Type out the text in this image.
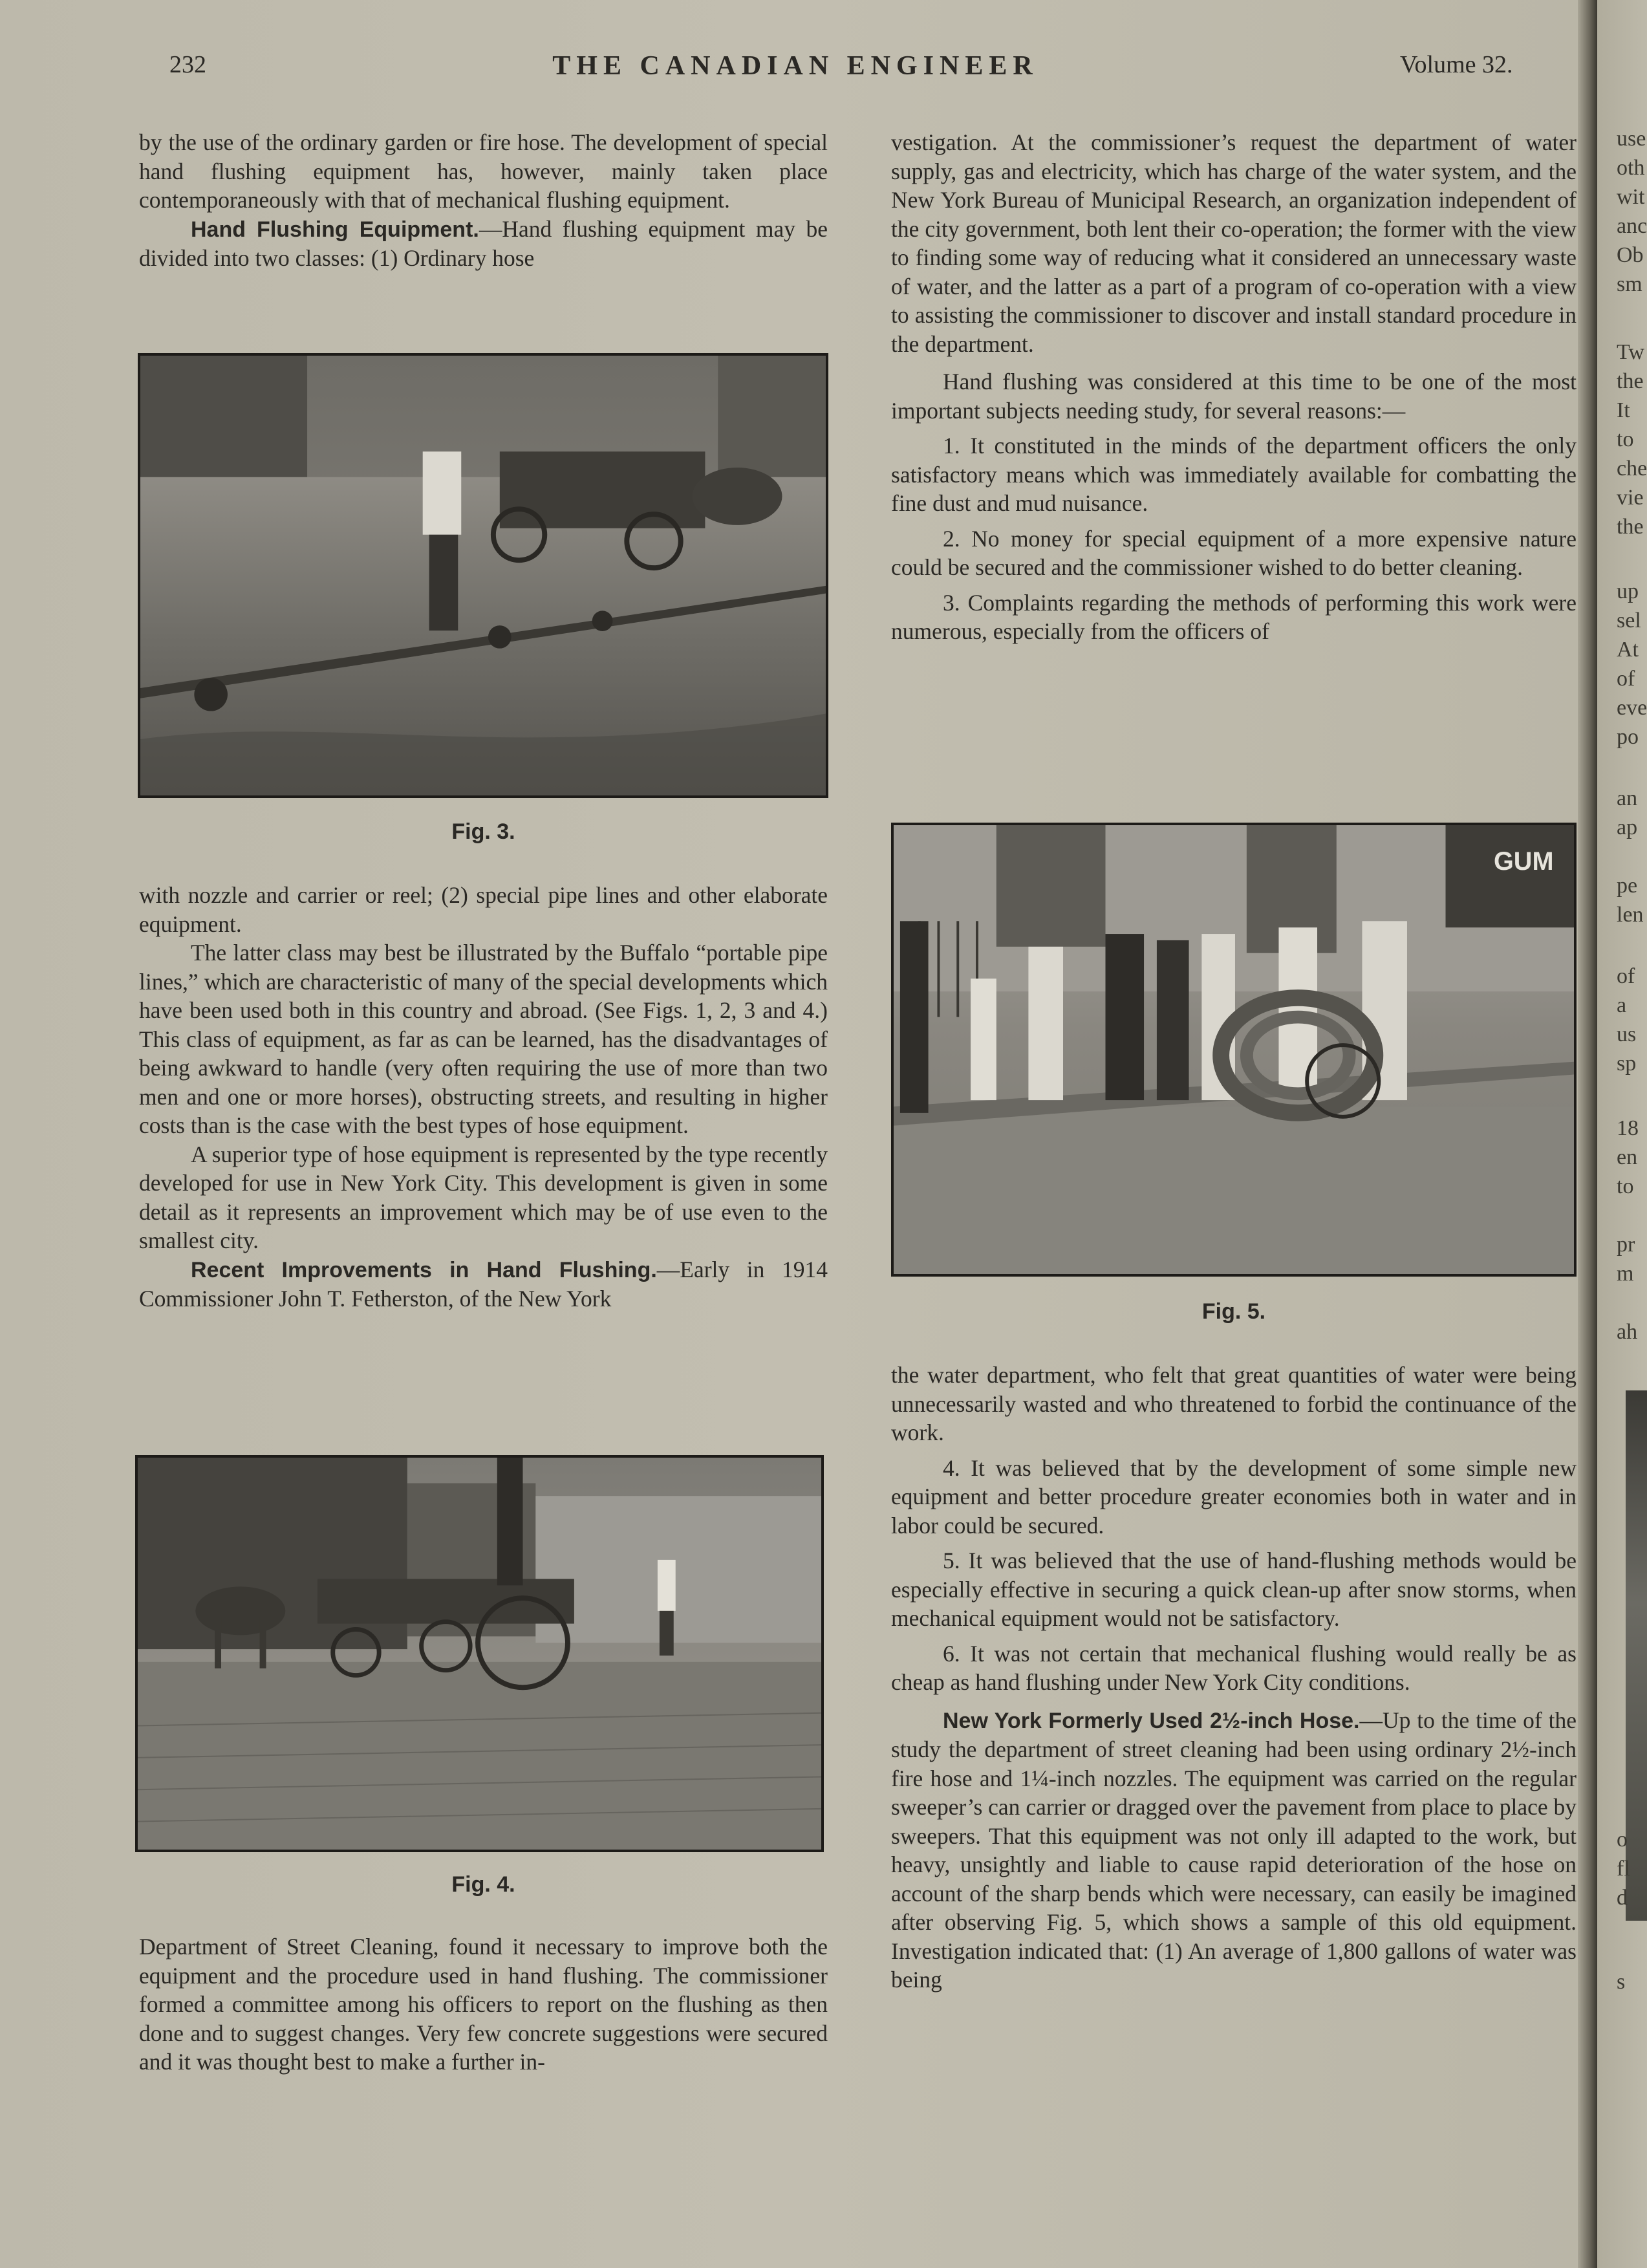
232	THE CANADIAN ENGINEER	Volume 32.

by the use of the ordinary garden or fire hose. The development of special hand flushing equipment has, however, mainly taken place contemporaneously with that of mechanical flushing equipment.

Hand Flushing Equipment.—Hand flushing equipment may be divided into two classes: (1) Ordinary hose

Fig. 3.

with nozzle and carrier or reel; (2) special pipe lines and other elaborate equipment.

The latter class may best be illustrated by the Buffalo “portable pipe lines,” which are characteristic of many of the special developments which have been used both in this country and abroad. (See Figs. 1, 2, 3 and 4.) This class of equipment, as far as can be learned, has the disadvantages of being awkward to handle (very often requiring the use of more than two men and one or more horses), obstructing streets, and resulting in higher costs than is the case with the best types of hose equipment.

A superior type of hose equipment is represented by the type recently developed for use in New York City. This development is given in some detail as it represents an improvement which may be of use even to the smallest city.

Recent Improvements in Hand Flushing.—Early in 1914 Commissioner John T. Fetherston, of the New York

Fig. 4.

Department of Street Cleaning, found it necessary to improve both the equipment and the procedure used in hand flushing. The commissioner formed a committee among his officers to report on the flushing as then done and to suggest changes. Very few concrete suggestions were secured and it was thought best to make a further in-

vestigation. At the commissioner’s request the department of water supply, gas and electricity, which has charge of the water system, and the New York Bureau of Municipal Research, an organization independent of the city government, both lent their co-operation; the former with the view to finding some way of reducing what it considered an unnecessary waste of water, and the latter as a part of a program of co-operation with a view to assisting the commissioner to discover and install standard procedure in the department.

Hand flushing was considered at this time to be one of the most important subjects needing study, for several reasons:—

1. It constituted in the minds of the department officers the only satisfactory means which was immediately available for combatting the fine dust and mud nuisance.

2. No money for special equipment of a more expensive nature could be secured and the commissioner wished to do better cleaning.

3. Complaints regarding the methods of performing this work were numerous, especially from the officers of

GUM
Fig. 5.

the water department, who felt that great quantities of water were being unnecessarily wasted and who threatened to forbid the continuance of the work.

4. It was believed that by the development of some simple new equipment and better procedure greater economies both in water and in labor could be secured.

5. It was believed that the use of hand-flushing methods would be especially effective in securing a quick clean-up after snow storms, when mechanical equipment would not be satisfactory.

6. It was not certain that mechanical flushing would really be as cheap as hand flushing under New York City conditions.

New York Formerly Used 2½-inch Hose.—Up to the time of the study the department of street cleaning had been using ordinary 2½-inch fire hose and 1¼-inch nozzles. The equipment was carried on the regular sweeper’s can carrier or dragged over the pavement from place to place by sweepers. That this equipment was not only ill adapted to the work, but heavy, unsightly and liable to cause rapid deterioration of the hose on account of the sharp bends which were necessary, can easily be imagined after observing Fig. 5, which shows a sample of this old equipment. Investigation indicated that: (1) An average of 1,800 gallons of water was being

use
oth
wit
anc
Ob
sm
Tw
the
It
to
che
vie
the
up
sel
At
of
eve
po
an
ap
pe
len
of
a
us
sp
18
en
to
pr
m
ah
o
fl
d
s
